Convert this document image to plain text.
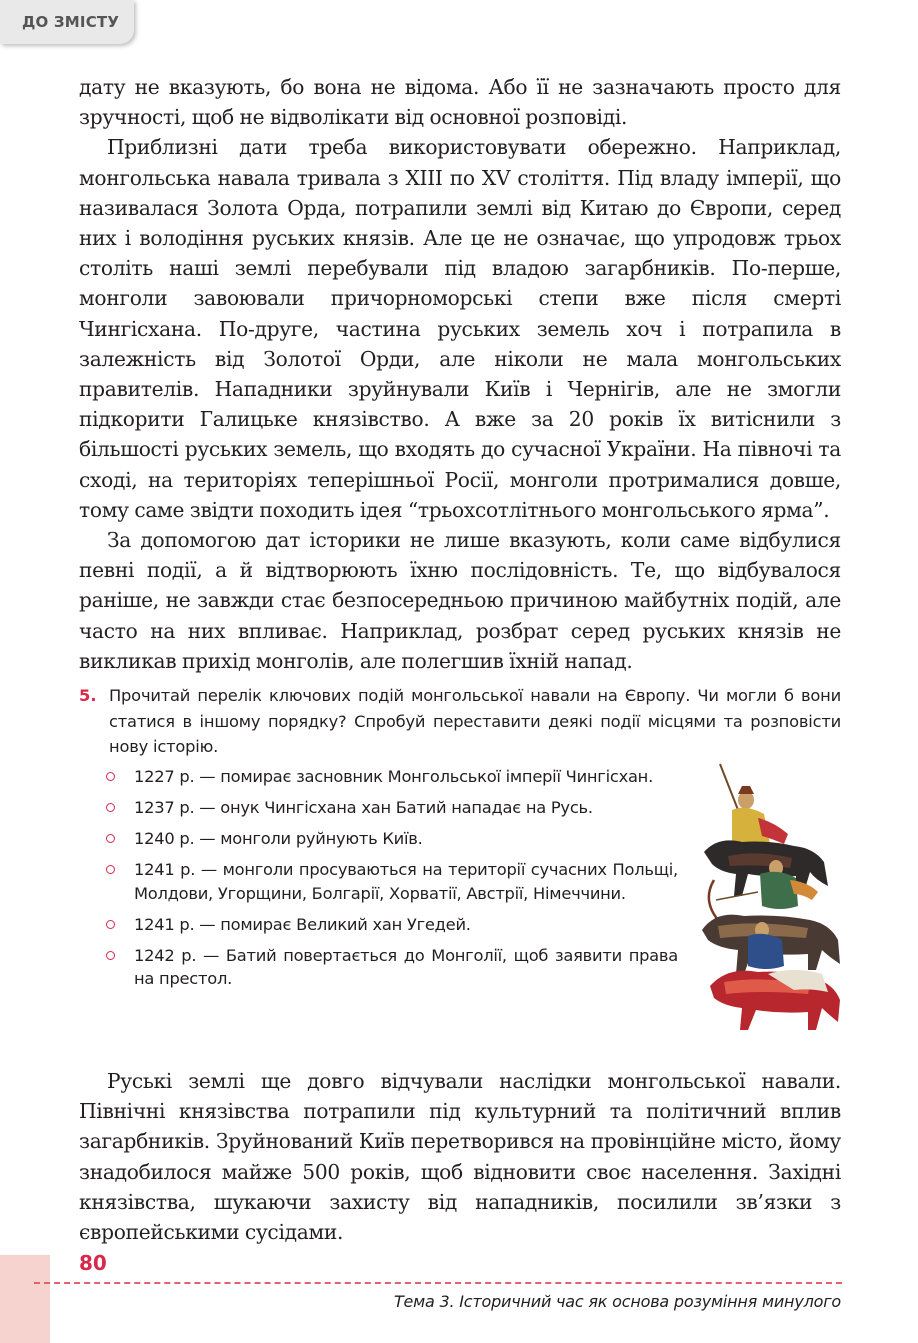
ДО ЗМІСТУ

дату не вказують, бо вона не відома. Або її не зазначають просто для зручності, щоб не відволікати від основної розповіді.

Приблизні дати треба використовувати обережно. Наприклад, монгольська навала тривала з XIII по XV століття. Під владу імперії, що називалася Золота Орда, потрапили землі від Китаю до Європи, серед них і володіння руських князів. Але це не означає, що упродовж трьох століть наші землі перебували під владою загарбників. По-перше, монголи завоювали причорноморські степи вже після смерті Чингісхана. По-друге, частина руських земель хоч і потрапила в залежність від Золотої Орди, але ніколи не мала монгольських правителів. Нападники зруйнували Київ і Чернігів, але не змогли підкорити Галицьке князівство. А вже за 20 років їх витіснили з більшості руських земель, що входять до сучасної України. На півночі та сході, на територіях теперішньої Росії, монголи протрималися довше, тому саме звідти походить ідея “трьохсотлітнього монгольського ярма”.

За допомогою дат історики не лише вказують, коли саме відбулися певні події, а й відтворюють їхню послідовність. Те, що відбувалося раніше, не завжди стає безпосередньою причиною майбутніх подій, але часто на них впливає. Наприклад, розбрат серед руських князів не викликав прихід монголів, але полегшив їхній напад.

5. Прочитай перелік ключових подій монгольської навали на Європу. Чи могли б вони статися в іншому порядку? Спробуй переставити деякі події місцями та розповісти нову історію.
1227 р. — помирає засновник Монгольської імперії Чингісхан.
1237 р. — онук Чингісхана хан Батий нападає на Русь.
1240 р. — монголи руйнують Київ.
1241 р. — монголи просуваються на території сучасних Польщі, Молдови, Угорщини, Болгарії, Хорватії, Австрії, Німеччини.
1241 р. — помирає Великий хан Угедей.
1242 р. — Батий повертається до Монголії, щоб заявити права на престол.

Руські землі ще довго відчували наслідки монгольської навали. Північні князівства потрапили під культурний та політичний вплив загарбників. Зруйнований Київ перетворився на провінційне місто, йому знадобилося майже 500 років, щоб відновити своє населення. Західні князівства, шукаючи захисту від нападників, посилили зв’язки з європейськими сусідами.

80
Тема 3. Історичний час як основа розуміння минулого
